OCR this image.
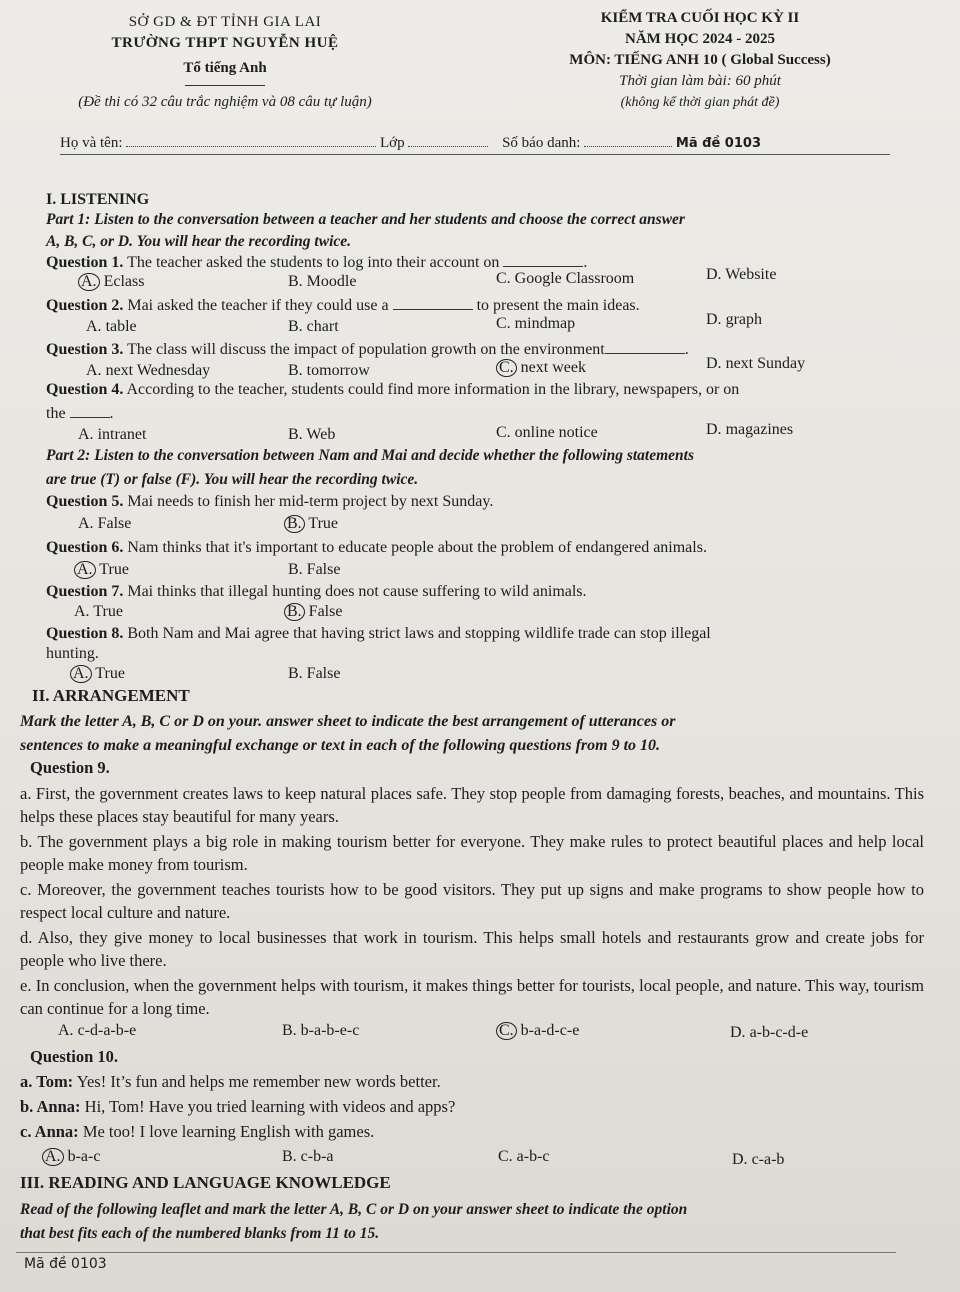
SỞ GD & ĐT TỈNH GIA LAI
TRƯỜNG THPT NGUYỄN HUỆ
Tổ tiếng Anh
(Đề thi có 32 câu trắc nghiệm và 08 câu tự luận)
KIỂM TRA CUỐI HỌC KỲ II
NĂM HỌC 2024 - 2025
MÔN: TIẾNG ANH 10 ( Global Success)
Thời gian làm bài: 60 phút
(không kể thời gian phát đề)
Họ và tên:	Lớp	Số báo danh:	Mã đề 0103
I. LISTENING
Part 1: Listen to the conversation between a teacher and her students and choose the correct answer
A, B, C, or D. You will hear the recording twice.
Question 1. The teacher asked the students to log into their account on	.
A. Eclass	B. Moodle	C. Google Classroom	D. Website
Question 2. Mai asked the teacher if they could use a	to present the main ideas.
A. table	B. chart	C. mindmap	D. graph
Question 3. The class will discuss the impact of population growth on the environment	.
A. next Wednesday	B. tomorrow	C. next week	D. next Sunday
Question 4. According to the teacher, students could find more information in the library, newspapers, or on
the	.
A. intranet	B. Web	C. online notice	D. magazines
Part 2: Listen to the conversation between Nam and Mai and decide whether the following statements
are true (T) or false (F). You will hear the recording twice.
Question 5. Mai needs to finish her mid-term project by next Sunday.
A. False	B. True
Question 6. Nam thinks that it's important to educate people about the problem of endangered animals.
A. True	B. False
Question 7. Mai thinks that illegal hunting does not cause suffering to wild animals.
A. True	B. False
Question 8. Both Nam and Mai agree that having strict laws and stopping wildlife trade can stop illegal
hunting.
A. True	B. False
II. ARRANGEMENT
Mark the letter A, B, C or D on your. answer sheet to indicate the best arrangement of utterances or
sentences to make a meaningful exchange or text in each of the following questions from 9 to 10.
Question 9.
a. First, the government creates laws to keep natural places safe. They stop people from damaging forests, beaches, and mountains. This helps these places stay beautiful for many years.
b. The government plays a big role in making tourism better for everyone. They make rules to protect beautiful places and help local people make money from tourism.
c. Moreover, the government teaches tourists how to be good visitors. They put up signs and make programs to show people how to respect local culture and nature.
d. Also, they give money to local businesses that work in tourism. This helps small hotels and restaurants grow and create jobs for people who live there.
e. In conclusion, when the government helps with tourism, it makes things better for tourists, local people, and nature. This way, tourism can continue for a long time.
A. c-d-a-b-e	B. b-a-b-e-c	C. b-a-d-c-e	D. a-b-c-d-e
Question 10.
a. Tom: Yes! It’s fun and helps me remember new words better.
b. Anna: Hi, Tom! Have you tried learning with videos and apps?
c. Anna: Me too! I love learning English with games.
A. b-a-c	B. c-b-a	C. a-b-c	D. c-a-b
III. READING AND LANGUAGE KNOWLEDGE
Read of the following leaflet and mark the letter A, B, C or D on your answer sheet to indicate the option
that best fits each of the numbered blanks from 11 to 15.
Mã đề 0103
